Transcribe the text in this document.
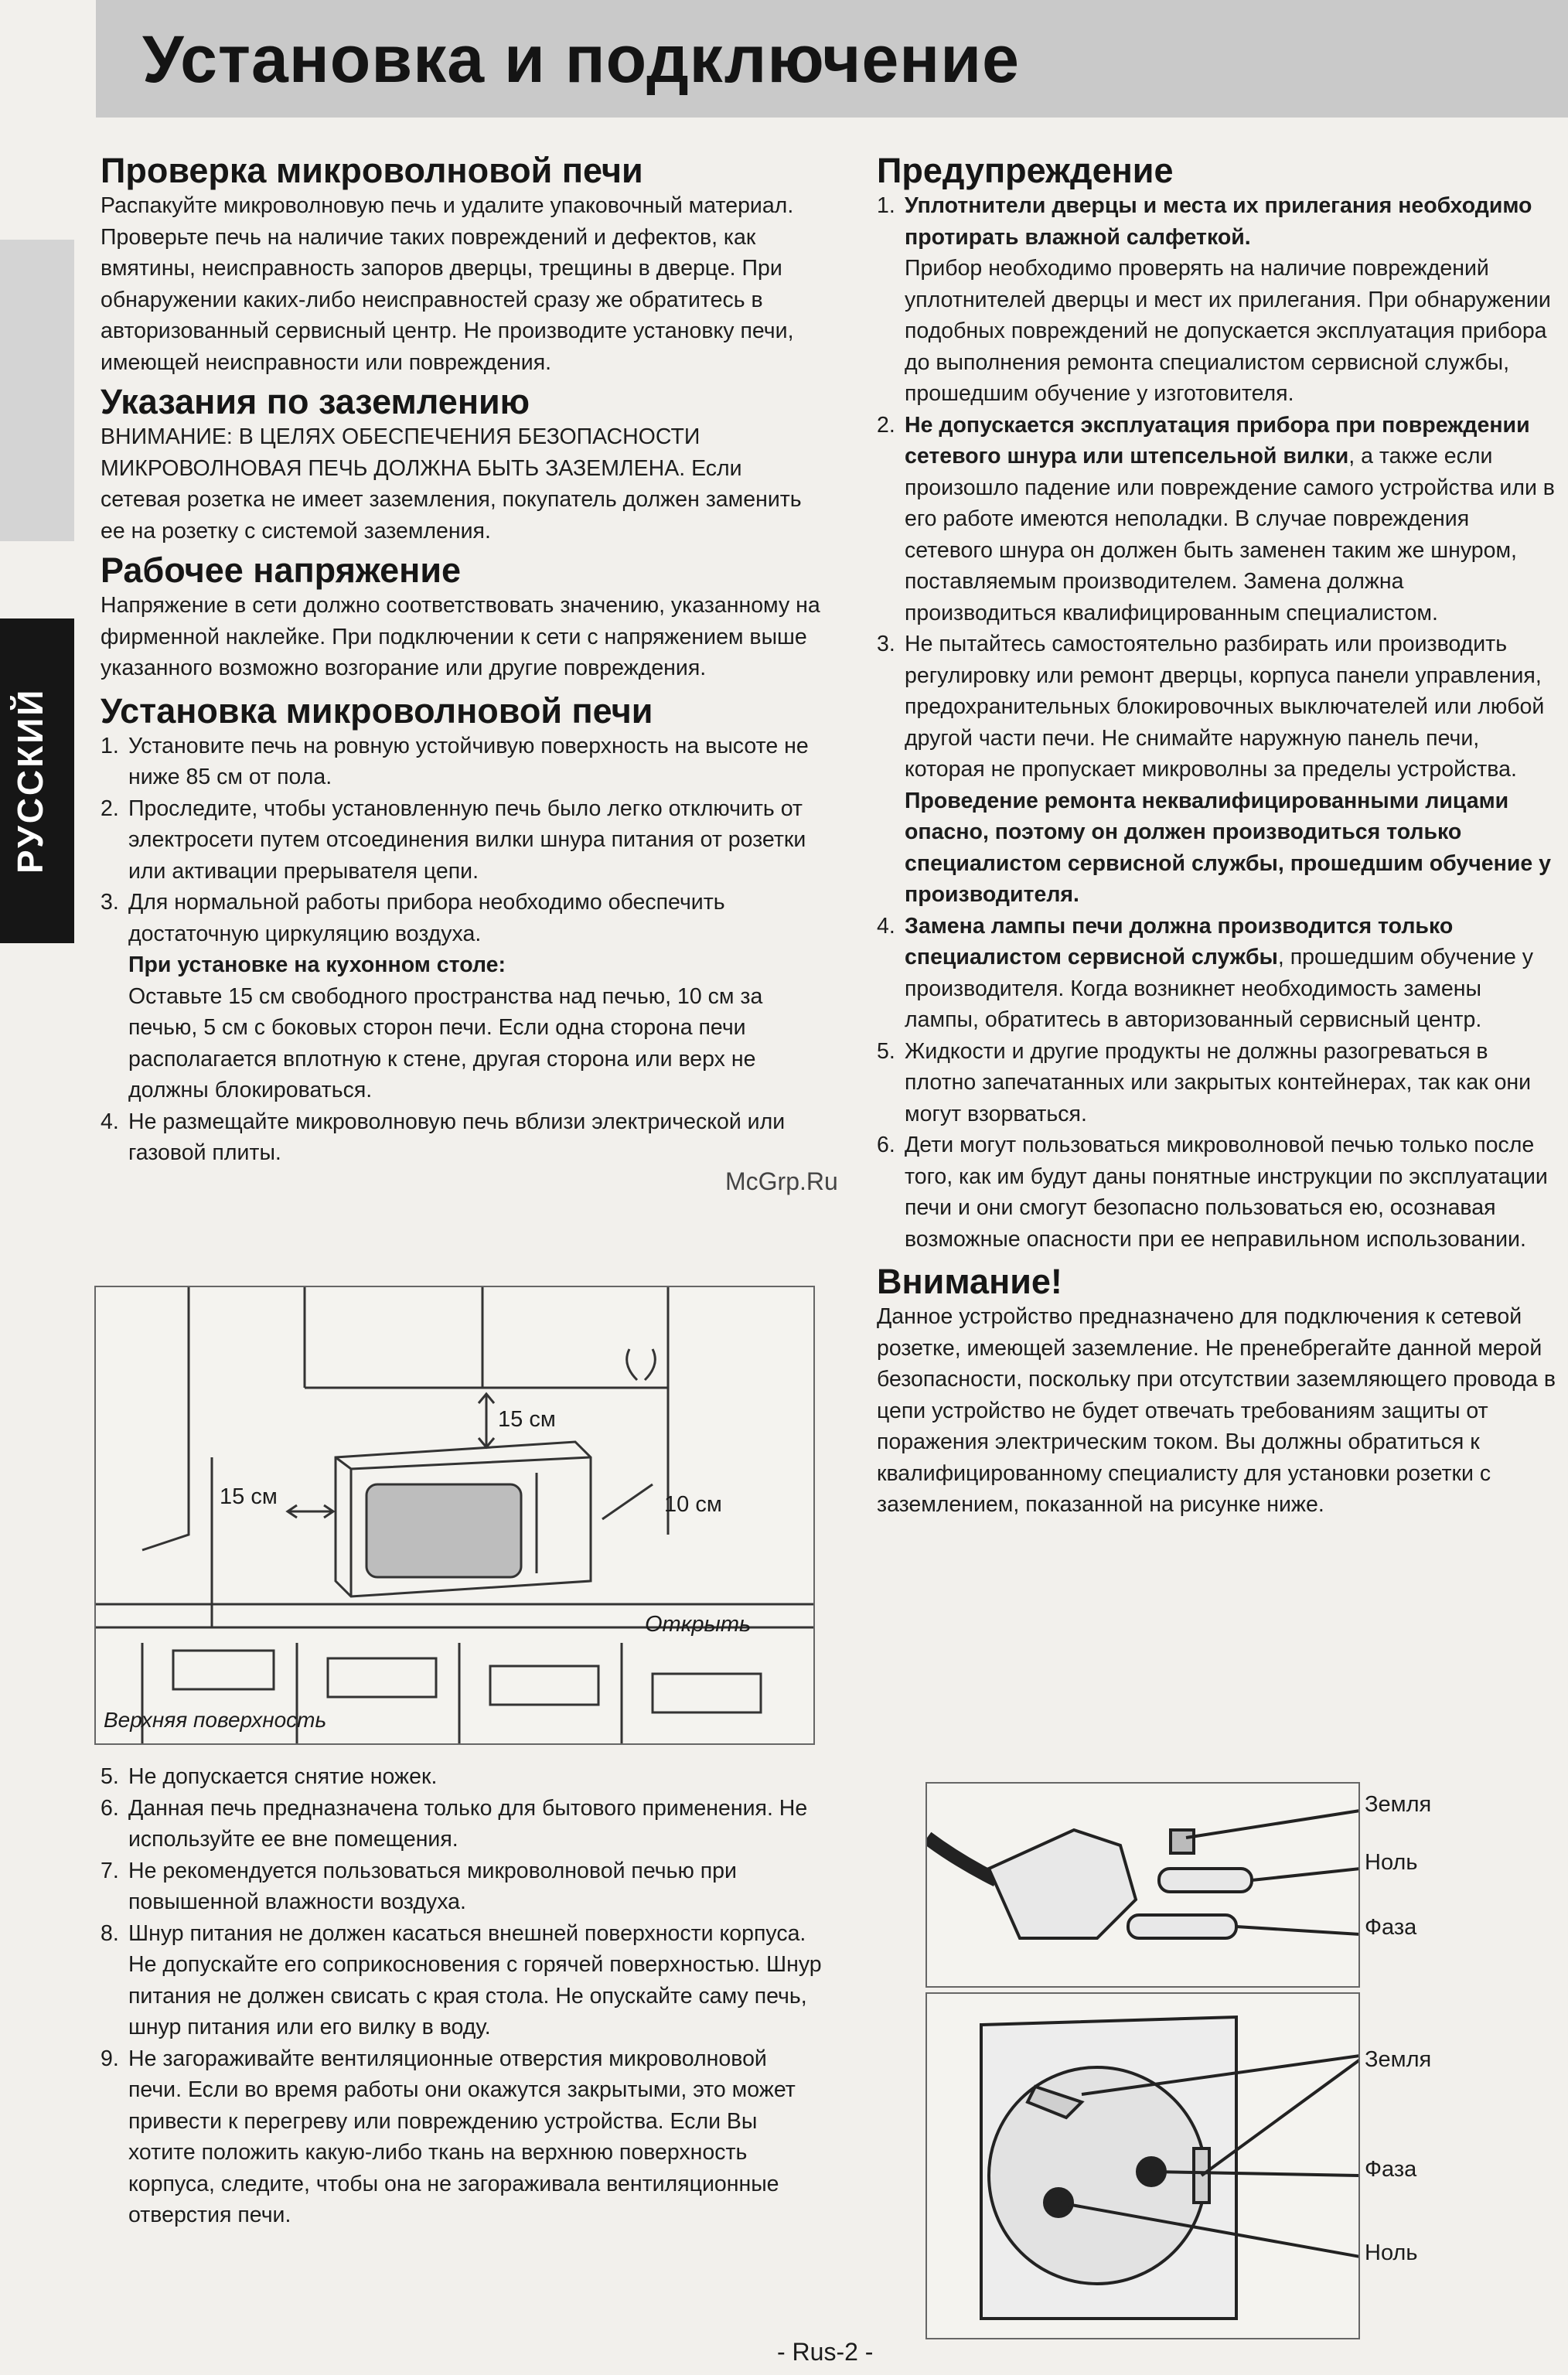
Установка и подключение
РУССКИЙ
Проверка микроволновой печи

Распакуйте микроволновую печь и удалите упаковочный материал. Проверьте печь на наличие таких повреждений и дефектов, как вмятины, неисправность запоров дверцы, трещины в дверце. При обнаружении каких-либо неисправностей сразу же обратитесь в авторизованный сервисный центр. Не производите установку печи, имеющей неисправности или повреждения.

Указания по заземлению

ВНИМАНИЕ: В ЦЕЛЯХ ОБЕСПЕЧЕНИЯ БЕЗОПАСНОСТИ МИКРОВОЛНОВАЯ ПЕЧЬ ДОЛЖНА БЫТЬ ЗАЗЕМЛЕНА. Если сетевая розетка не имеет заземления, покупатель должен заменить ее на розетку с системой заземления.

Рабочее напряжение

Напряжение в сети должно соответствовать значению, указанному на фирменной наклейке. При подключении к сети с напряжением выше указанного возможно возгорание или другие повреждения.

Установка микроволновой печи
1. Установите печь на ровную устойчивую поверхность на высоте не ниже 85 см от пола.
2. Проследите, чтобы установленную печь было легко отключить от электросети путем отсоединения вилки шнура питания от розетки или активации прерывателя цепи.
3. Для нормальной работы прибора необходимо обеспечить достаточную циркуляцию воздуха.
При установке на кухонном столе:
Оставьте 15 см свободного пространства над печью, 10 см за печью, 5 см с боковых сторон печи. Если одна сторона печи располагается вплотную к стене, другая сторона или верх не должны блокироваться.
4. Не размещайте микроволновую печь вблизи электрической или газовой плиты.
15 см
15 см	10 см
Открыть
Верхняя поверхность
5. Не допускается снятие ножек.
6. Данная печь предназначена только для бытового применения. Не используйте ее вне помещения.
7. Не рекомендуется пользоваться микроволновой печью при повышенной влажности воздуха.
8. Шнур питания не должен касаться внешней поверхности корпуса. Не допускайте его соприкосновения с горячей поверхностью. Шнур питания не должен свисать с края стола. Не опускайте саму печь, шнур питания или его вилку в воду.
9. Не загораживайте вентиляционные отверстия микроволновой печи. Если во время работы они окажутся закрытыми, это может привести к перегреву или повреждению устройства. Если Вы хотите положить какую-либо ткань на верхнюю поверхность корпуса, следите, чтобы она не загораживала вентиляционные отверстия печи.
Предупреждение
1. Уплотнители дверцы и места их прилегания необходимо протирать влажной салфеткой.
Прибор необходимо проверять на наличие повреждений уплотнителей дверцы и мест их прилегания. При обнаружении подобных повреждений не допускается эксплуатация прибора до выполнения ремонта специалистом сервисной службы, прошедшим обучение у изготовителя.
2. Не допускается эксплуатация прибора при повреждении сетевого шнура или штепсельной вилки, а также если произошло падение или повреждение самого устройства или в его работе имеются неполадки. В случае повреждения сетевого шнура он должен быть заменен таким же шнуром, поставляемым производителем. Замена должна производиться квалифицированным специалистом.
3. Не пытайтесь самостоятельно разбирать или производить регулировку или ремонт дверцы, корпуса панели управления, предохранительных блокировочных выключателей или любой другой части печи. Не снимайте наружную панель печи, которая не пропускает микроволны за пределы устройства.
Проведение ремонта неквалифицированными лицами опасно, поэтому он должен производиться только специалистом сервисной службы, прошедшим обучение у производителя.
4. Замена лампы печи должна производится только специалистом сервисной службы, прошедшим обучение у производителя. Когда возникнет необходимость замены лампы, обратитесь в авторизованный сервисный центр.
5. Жидкости и другие продукты не должны разогреваться в плотно запечатанных или закрытых контейнерах, так как они могут взорваться.
6. Дети могут пользоваться микроволновой печью только после того, как им будут даны понятные инструкции по эксплуатации печи и они смогут безопасно пользоваться ею, осознавая возможные опасности при ее неправильном использовании.
Внимание!

Данное устройство предназначено для подключения к сетевой розетке, имеющей заземление. Не пренебрегайте данной мерой безопасности, поскольку при отсутствии заземляющего провода в цепи устройство не будет отвечать требованиям защиты от поражения электрическим током. Вы должны обратиться к квалифицированному специалисту для установки розетки с заземлением, показанной на рисунке ниже.

Земля
Ноль
Фаза
Земля
Фаза
Ноль
McGrp.Ru
- Rus-2 -
